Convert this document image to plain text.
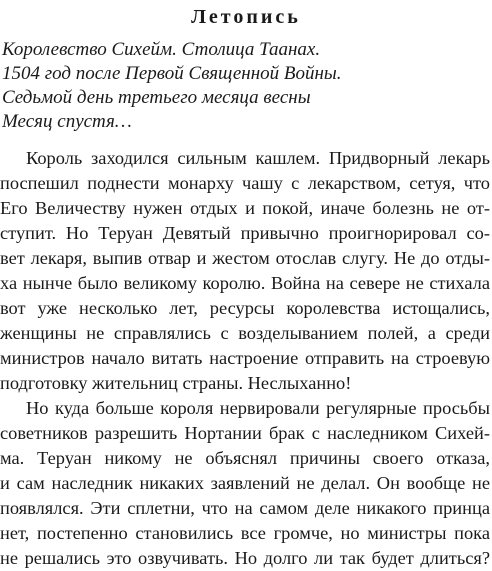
Летопись
Королевство Сихейм. Столица Таанах.
1504 год после Первой Священной Войны.
Седьмой день третьего месяца весны
Месяц спустя…
Король заходился сильным кашлем. Придворный лекарь
поспешил поднести монарху чашу с лекарством, сетуя, что
Его Величеству нужен отдых и покой, иначе болезнь не от-
ступит. Но Теруан Девятый привычно проигнорировал со-
вет лекаря, выпив отвар и жестом отослав слугу. Не до отды-
ха нынче было великому королю. Война на севере не стихала
вот уже несколько лет, ресурсы королевства истощались,
женщины не справлялись с возделыванием полей, а среди
министров начало витать настроение отправить на строевую
подготовку жительниц страны. Неслыханно!
Но куда больше короля нервировали регулярные просьбы
советников разрешить Нортании брак с наследником Сихей-
ма. Теруан никому не объяснял причины своего отказа,
и сам наследник никаких заявлений не делал. Он вообще не
появлялся. Эти сплетни, что на самом деле никакого принца
нет, постепенно становились все громче, но министры пока
не решались это озвучивать. Но долго ли так будет длиться?
